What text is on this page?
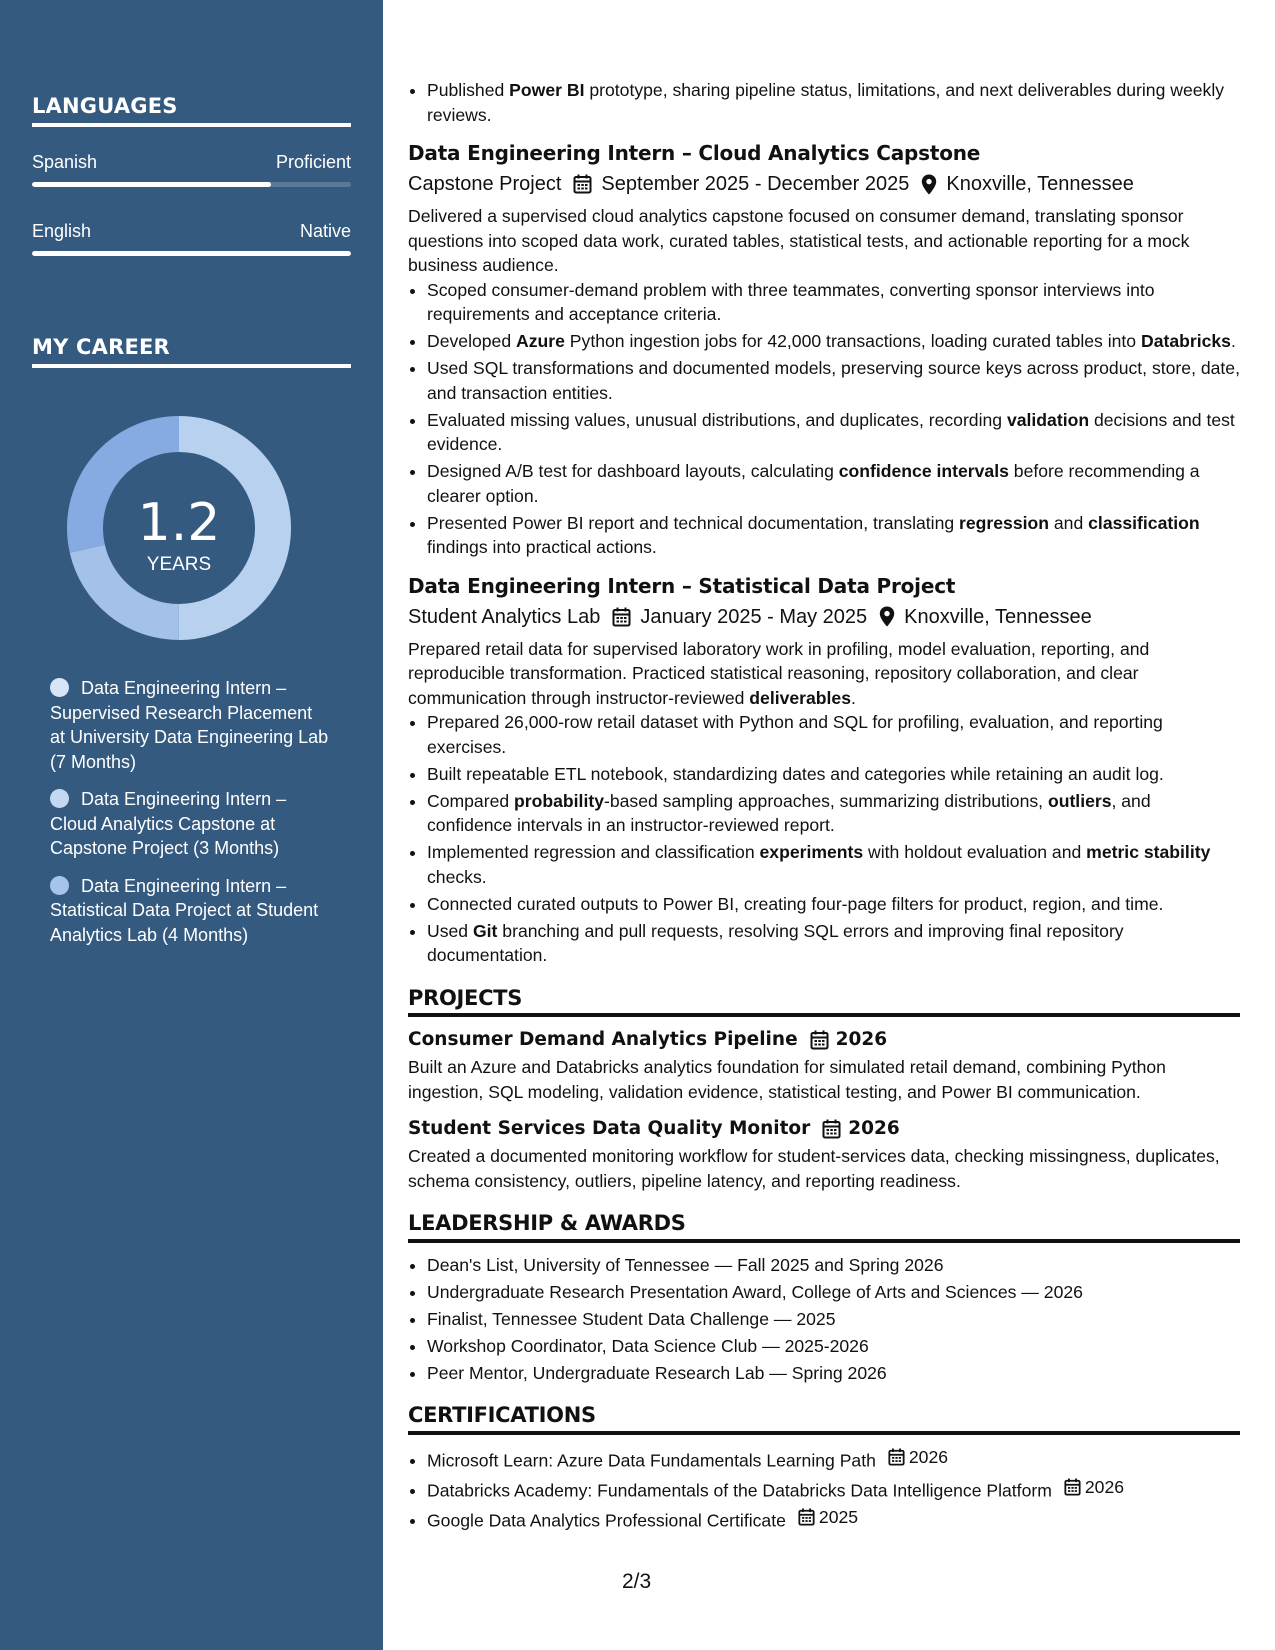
LANGUAGES
Spanish	Proficient
English	Native
MY CAREER
1.2
YEARS
Data Engineering Intern – Supervised Research Placement at University Data Engineering Lab (7 Months)
Data Engineering Intern – Cloud Analytics Capstone at Capstone Project (3 Months)
Data Engineering Intern – Statistical Data Project at Student Analytics Lab (4 Months)
• Published Power BI prototype, sharing pipeline status, limitations, and next deliverables during weekly reviews.
Data Engineering Intern – Cloud Analytics Capstone
Capstone Project September 2025 - December 2025 Knoxville, Tennessee

Delivered a supervised cloud analytics capstone focused on consumer demand, translating sponsor questions into scoped data work, curated tables, statistical tests, and actionable reporting for a mock business audience.

• Scoped consumer-demand problem with three teammates, converting sponsor interviews into requirements and acceptance criteria.
• Developed Azure Python ingestion jobs for 42,000 transactions, loading curated tables into Databricks.
• Used SQL transformations and documented models, preserving source keys across product, store, date, and transaction entities.
• Evaluated missing values, unusual distributions, and duplicates, recording validation decisions and test evidence.
• Designed A/B test for dashboard layouts, calculating confidence intervals before recommending a clearer option.
• Presented Power BI report and technical documentation, translating regression and classification findings into practical actions.
Data Engineering Intern – Statistical Data Project
Student Analytics Lab January 2025 - May 2025 Knoxville, Tennessee

Prepared retail data for supervised laboratory work in profiling, model evaluation, reporting, and reproducible transformation. Practiced statistical reasoning, repository collaboration, and clear communication through instructor-reviewed deliverables.

• Prepared 26,000-row retail dataset with Python and SQL for profiling, evaluation, and reporting exercises.
• Built repeatable ETL notebook, standardizing dates and categories while retaining an audit log.
• Compared probability-based sampling approaches, summarizing distributions, outliers, and confidence intervals in an instructor-reviewed report.
• Implemented regression and classification experiments with holdout evaluation and metric stability checks.
• Connected curated outputs to Power BI, creating four-page filters for product, region, and time.
• Used Git branching and pull requests, resolving SQL errors and improving final repository documentation.
PROJECTS
Consumer Demand Analytics Pipeline 2026

Built an Azure and Databricks analytics foundation for simulated retail demand, combining Python ingestion, SQL modeling, validation evidence, statistical testing, and Power BI communication.

Student Services Data Quality Monitor 2026

Created a documented monitoring workflow for student-services data, checking missingness, duplicates, schema consistency, outliers, pipeline latency, and reporting readiness.

LEADERSHIP & AWARDS
• Dean's List, University of Tennessee — Fall 2025 and Spring 2026
• Undergraduate Research Presentation Award, College of Arts and Sciences — 2026
• Finalist, Tennessee Student Data Challenge — 2025
• Workshop Coordinator, Data Science Club — 2025-2026
• Peer Mentor, Undergraduate Research Lab — Spring 2026
CERTIFICATIONS
• Microsoft Learn: Azure Data Fundamentals Learning Path 2026
• Databricks Academy: Fundamentals of the Databricks Data Intelligence Platform 2026
• Google Data Analytics Professional Certificate 2025
2/3
